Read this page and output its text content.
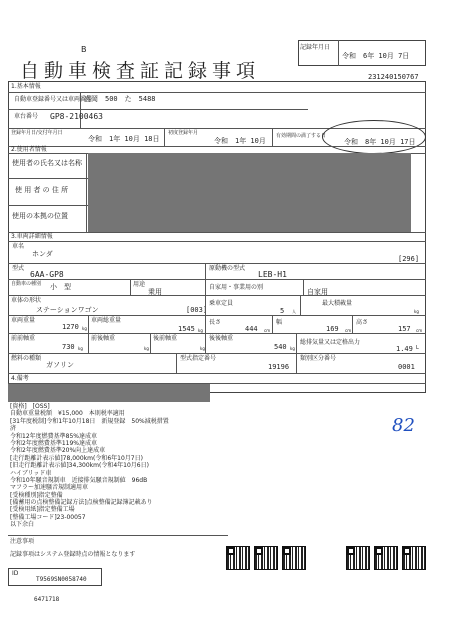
B
自動車検査証記録事項
記録年月日
令和　6年 10月 7日
231240150767
1.基本情報
自動車登録番号又は車両番号
盛岡　500　た　5488
車台番号 GP8-2100463
登録年月日/交付年月日
令和　1年 10月 18日
初度登録年月
令和　1年 10月
有効期間の満了する日
令和　8年 10月 17日
2.使用者情報
使用者の氏名又は名称
使 用 者 の 住 所
使用の本拠の位置
3.車両詳細情報
車名
ホンダ
[296]
型式
6AA-GP8
原動機の型式
LEB-H1
自動車の種別 小　型	用途
乗用
自家用・事業用の別
自家用
車体の形状
ステーションワゴン	[003]
乗車定員
5 人
最大積載量
kg
車両重量
1270 kg
車両総重量
1545 kg
長さ
444 cm
幅
169 cm
高さ
157 cm
前前軸重
730 kg
前後軸重
kg
後前軸重
kg
後後軸重
540 kg
総排気量又は定格出力
1.49 L
燃料の種類
ガソリン
型式指定番号
19196
類別区分番号
0001
4.備考
82
[資格]　[OSS]
自動車重量税額　¥15,000　本則税率適用
[31年度税制]令和1年10月18日　新規登録　50%減税措置
済
令和12年度燃費基準85%達成車
令和2年度燃費基準119%達成車
令和2年度燃費基準20%向上達成車
[走行距離計表示値]78,000km(令和6年10月7日)
[旧走行距離計表示値]34,300km(令和4年10月6日)
ハイブリッド車
令和10年騒音規制車　近接排気騒音規制値　96dB
マフラー加速騒音規制適用車
[受検種別]指定整備
[備蓄用の点検整備記録方法]点検整備記録簿記載あり
[受検用紙]指定整備工場
[整備工場コード]23-00057
以下余白
注意事項
記録事項はシステム登録時点の情報となります
ID
T9569SN0058740
6471718
